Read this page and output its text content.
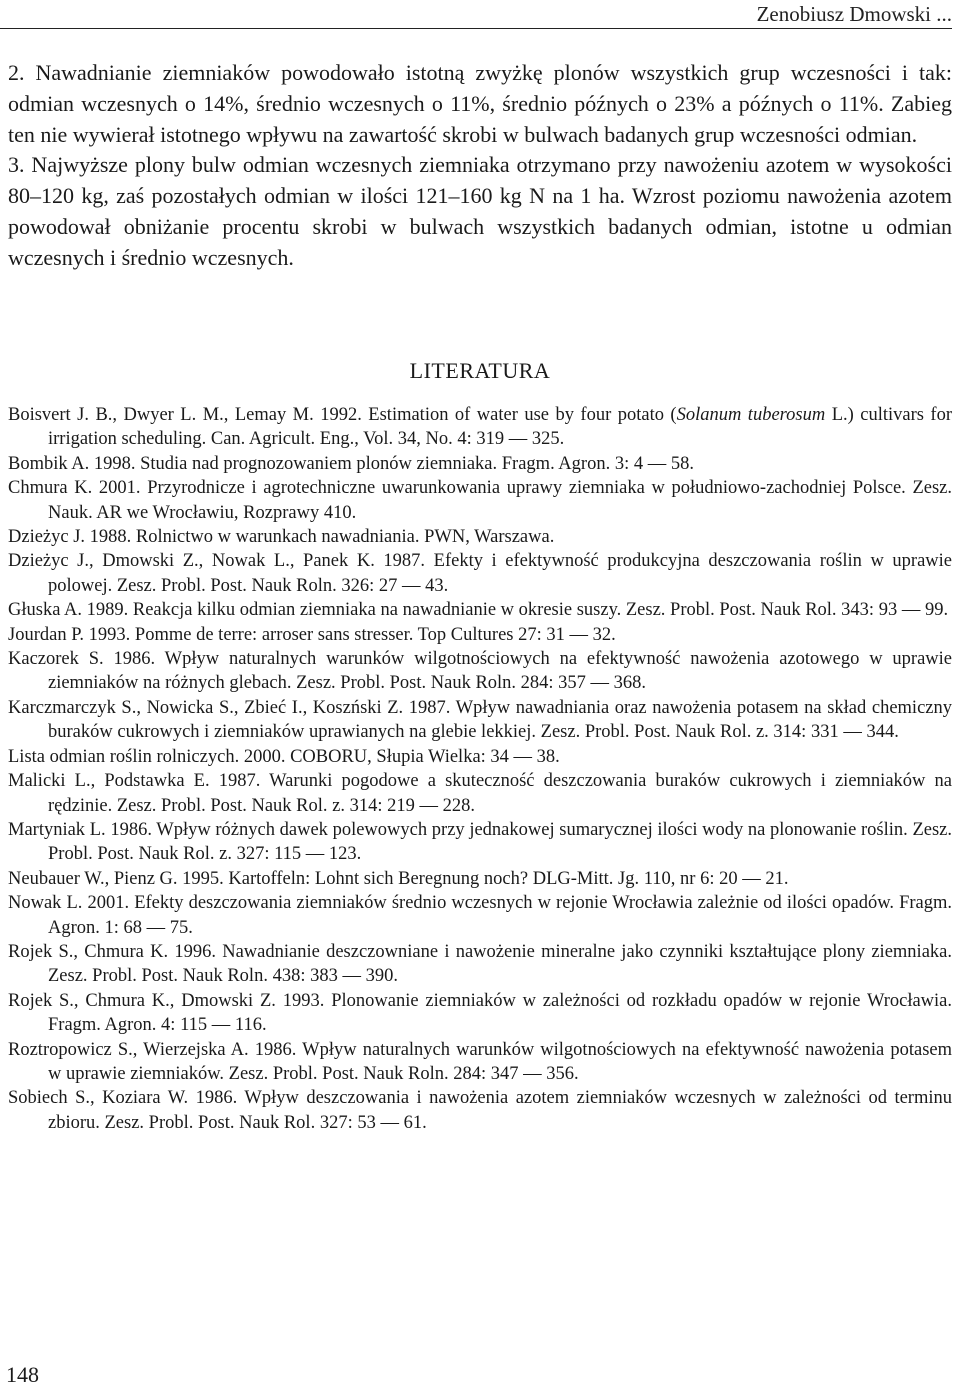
Zenobiusz Dmowski ...

2. Nawadnianie ziemniaków powodowało istotną zwyżkę plonów wszystkich grup wczesności i tak: odmian wczesnych o 14%, średnio wczesnych o 11%, średnio późnych o 23% a późnych o 11%. Zabieg ten nie wywierał istotnego wpływu na zawartość skrobi w bulwach badanych grup wczesności odmian.

3. Najwyższe plony bulw odmian wczesnych ziemniaka otrzymano przy nawożeniu azotem w wysokości 80–120 kg, zaś pozostałych odmian w ilości 121–160 kg N na 1 ha. Wzrost poziomu nawożenia azotem powodował obniżanie procentu skrobi w bulwach wszystkich badanych odmian, istotne u odmian wczesnych i średnio wczesnych.

LITERATURA

Boisvert J. B., Dwyer L. M., Lemay M. 1992. Estimation of water use by four potato (Solanum tuberosum L.) cultivars for irrigation scheduling. Can. Agricult. Eng., Vol. 34, No. 4: 319 — 325.

Bombik A. 1998. Studia nad prognozowaniem plonów ziemniaka. Fragm. Agron. 3: 4 — 58.

Chmura K. 2001. Przyrodnicze i agrotechniczne uwarunkowania uprawy ziemniaka w południowo-zachodniej Polsce. Zesz. Nauk. AR we Wrocławiu, Rozprawy 410.

Dzieżyc J. 1988. Rolnictwo w warunkach nawadniania. PWN, Warszawa.

Dzieżyc J., Dmowski Z., Nowak L., Panek K. 1987. Efekty i efektywność produkcyjna deszczowania roślin w uprawie polowej. Zesz. Probl. Post. Nauk Roln. 326: 27 — 43.

Głuska A. 1989. Reakcja kilku odmian ziemniaka na nawadnianie w okresie suszy. Zesz. Probl. Post. Nauk Rol. 343: 93 — 99.

Jourdan P. 1993. Pomme de terre: arroser sans stresser. Top Cultures 27: 31 — 32.

Kaczorek S. 1986. Wpływ naturalnych warunków wilgotnościowych na efektywność nawożenia azotowego w uprawie ziemniaków na różnych glebach. Zesz. Probl. Post. Nauk Roln. 284: 357 — 368.

Karczmarczyk S., Nowicka S., Zbieć I., Koszński Z. 1987. Wpływ nawadniania oraz nawożenia potasem na skład chemiczny buraków cukrowych i ziemniaków uprawianych na glebie lekkiej. Zesz. Probl. Post. Nauk Rol. z. 314: 331 — 344.

Lista odmian roślin rolniczych. 2000. COBORU, Słupia Wielka: 34 — 38.

Malicki L., Podstawka E. 1987. Warunki pogodowe a skuteczność deszczowania buraków cukrowych i ziemniaków na rędzinie. Zesz. Probl. Post. Nauk Rol. z. 314: 219 — 228.

Martyniak L. 1986. Wpływ różnych dawek polewowych przy jednakowej sumarycznej ilości wody na plonowanie roślin. Zesz. Probl. Post. Nauk Rol. z. 327: 115 — 123.

Neubauer W., Pienz G. 1995. Kartoffeln: Lohnt sich Beregnung noch? DLG-Mitt. Jg. 110, nr 6: 20 — 21.

Nowak L. 2001. Efekty deszczowania ziemniaków średnio wczesnych w rejonie Wrocławia zależnie od ilości opadów. Fragm. Agron. 1: 68 — 75.

Rojek S., Chmura K. 1996. Nawadnianie deszczowniane i nawożenie mineralne jako czynniki kształtujące plony ziemniaka. Zesz. Probl. Post. Nauk Roln. 438: 383 — 390.

Rojek S., Chmura K., Dmowski Z. 1993. Plonowanie ziemniaków w zależności od rozkładu opadów w rejonie Wrocławia. Fragm. Agron. 4: 115 — 116.

Roztropowicz S., Wierzejska A. 1986. Wpływ naturalnych warunków wilgotnościowych na efektywność nawożenia potasem w uprawie ziemniaków. Zesz. Probl. Post. Nauk Roln. 284: 347 — 356.

Sobiech S., Koziara W. 1986. Wpływ deszczowania i nawożenia azotem ziemniaków wczesnych w zależności od terminu zbioru. Zesz. Probl. Post. Nauk Rol. 327: 53 — 61.

148
